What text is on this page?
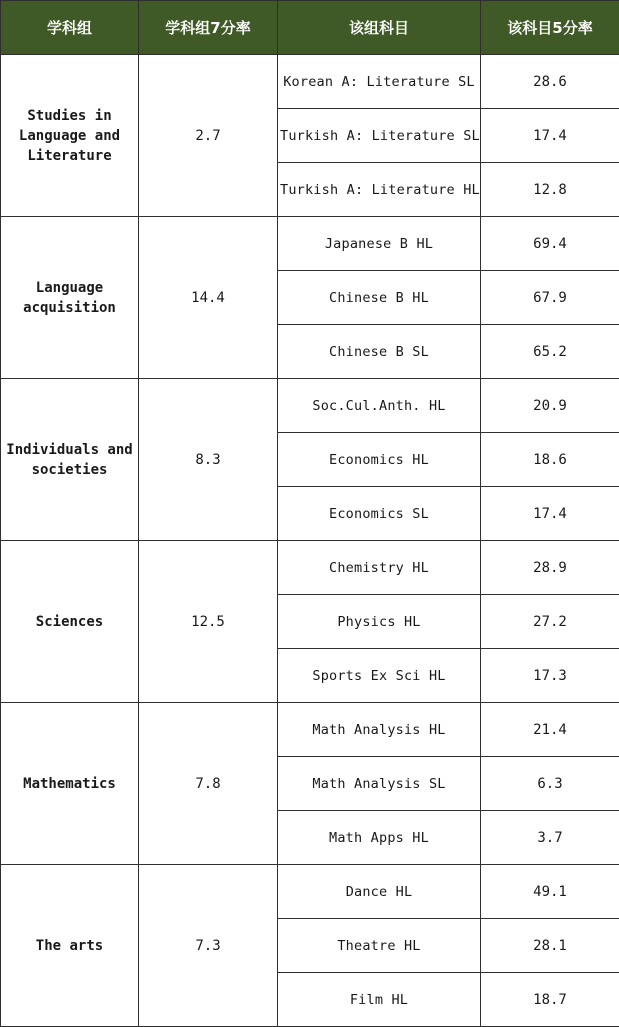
学科组	学科组7分率	该组科目	该科目5分率
Studies in
Language and
Literature	2.7	Korean A: Literature SL	28.6
		Turkish A: Literature SL	17.4
		Turkish A: Literature HL	12.8
Language
acquisition	14.4	Japanese B HL	69.4
		Chinese B HL	67.9
		Chinese B SL	65.2
Individuals and
societies	8.3	Soc.Cul.Anth. HL	20.9
		Economics HL	18.6
		Economics SL	17.4
Sciences	12.5	Chemistry HL	28.9
		Physics HL	27.2
		Sports Ex Sci HL	17.3
Mathematics	7.8	Math Analysis HL	21.4
		Math Analysis SL	6.3
		Math Apps HL	3.7
The arts	7.3	Dance HL	49.1
		Theatre HL	28.1
		Film HL	18.7
